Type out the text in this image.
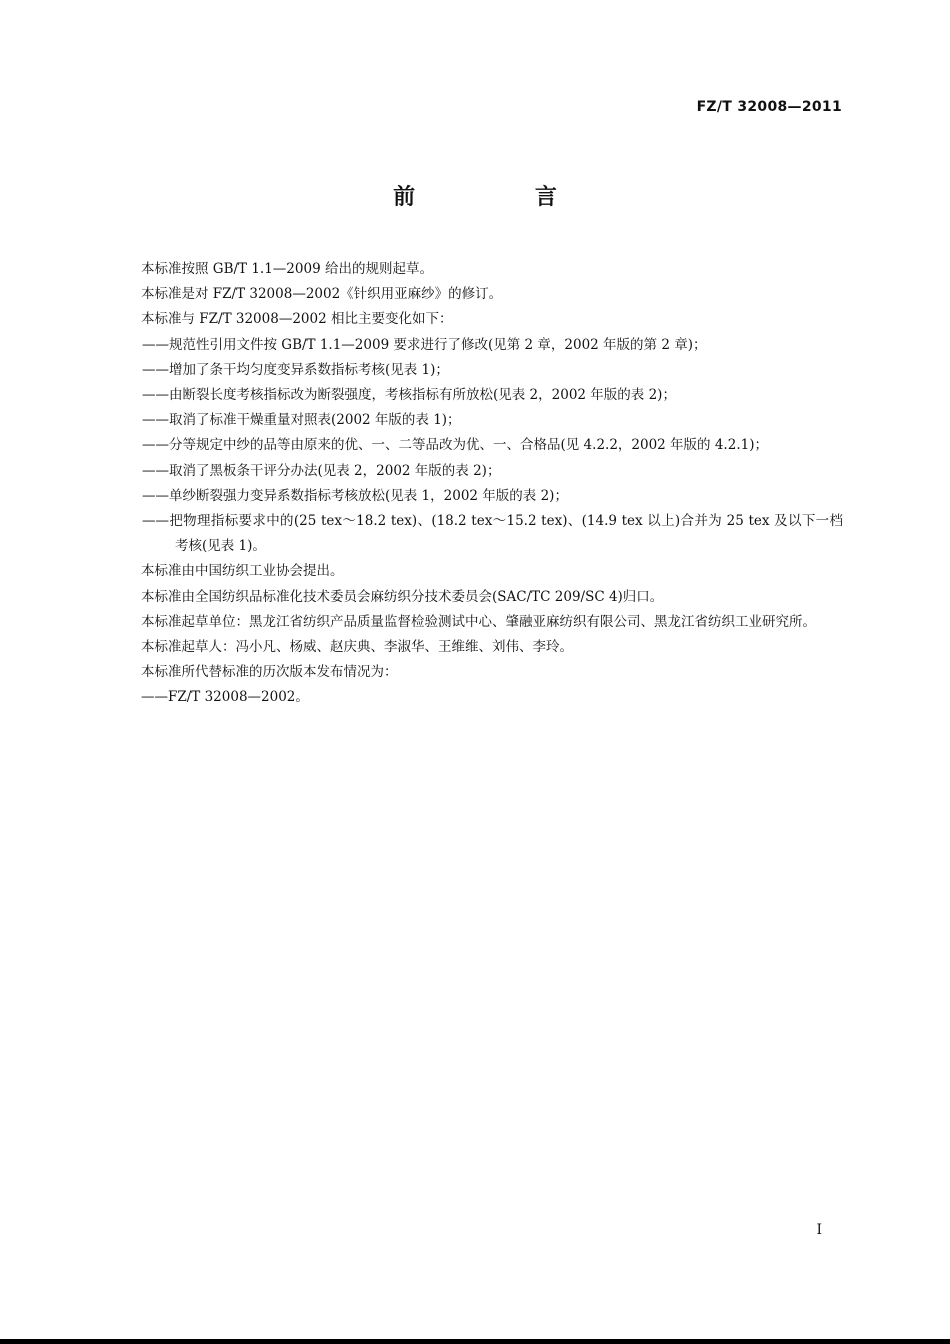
FZ/T 32008—2011
前 言

本标准按照 GB/T 1.1—2009 给出的规则起草。

本标准是对 FZ/T 32008—2002《针织用亚麻纱》的修订。

本标准与 FZ/T 32008—2002 相比主要变化如下：

——规范性引用文件按 GB/T 1.1—2009 要求进行了修改(见第 2 章，2002 年版的第 2 章)；

——增加了条干均匀度变异系数指标考核(见表 1)；

——由断裂长度考核指标改为断裂强度，考核指标有所放松(见表 2，2002 年版的表 2)；

——取消了标准干燥重量对照表(2002 年版的表 1)；

——分等规定中纱的品等由原来的优、一、二等品改为优、一、合格品(见 4.2.2，2002 年版的 4.2.1)；

——取消了黑板条干评分办法(见表 2，2002 年版的表 2)；

——单纱断裂强力变异系数指标考核放松(见表 1，2002 年版的表 2)；

——把物理指标要求中的(25 tex～18.2 tex)、(18.2 tex～15.2 tex)、(14.9 tex 以上)合并为 25 tex 及以下一档考核(见表 1)。

本标准由中国纺织工业协会提出。

本标准由全国纺织品标准化技术委员会麻纺织分技术委员会(SAC/TC 209/SC 4)归口。

本标准起草单位：黑龙江省纺织产品质量监督检验测试中心、肇融亚麻纺织有限公司、黑龙江省纺织工业研究所。

本标准起草人：冯小凡、杨威、赵庆典、李淑华、王维维、刘伟、李玲。

本标准所代替标准的历次版本发布情况为：

——FZ/T 32008—2002。

I
